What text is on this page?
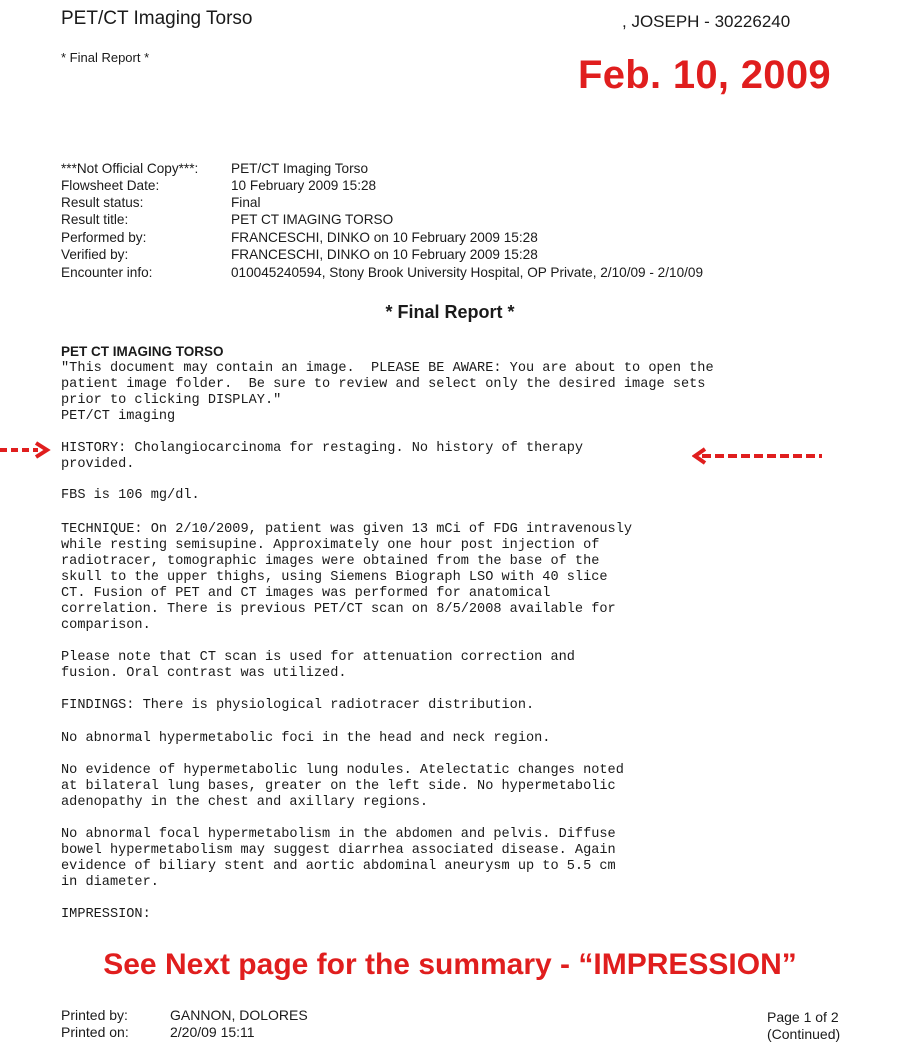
PET/CT Imaging Torso	, JOSEPH - 30226240
* Final Report *	Feb. 10, 2009
***Not Official Copy***: PET/CT Imaging Torso
Flowsheet Date:	10 February 2009 15:28
Result status:	Final
Result title:	PET CT IMAGING TORSO
Performed by:	FRANCESCHI, DINKO on 10 February 2009 15:28
Verified by:	FRANCESCHI, DINKO on 10 February 2009 15:28
Encounter info:	010045240594, Stony Brook University Hospital, OP Private, 2/10/09 - 2/10/09
* Final Report *
PET CT IMAGING TORSO
"This document may contain an image.  PLEASE BE AWARE: You are about to open the
patient image folder.  Be sure to review and select only the desired image sets
prior to clicking DISPLAY."
PET/CT imaging
HISTORY: Cholangiocarcinoma for restaging. No history of therapy
provided.
FBS is 106 mg/dl.
TECHNIQUE: On 2/10/2009, patient was given 13 mCi of FDG intravenously
while resting semisupine. Approximately one hour post injection of
radiotracer, tomographic images were obtained from the base of the
skull to the upper thighs, using Siemens Biograph LSO with 40 slice
CT. Fusion of PET and CT images was performed for anatomical
correlation. There is previous PET/CT scan on 8/5/2008 available for
comparison.
Please note that CT scan is used for attenuation correction and
fusion. Oral contrast was utilized.
FINDINGS: There is physiological radiotracer distribution.
No abnormal hypermetabolic foci in the head and neck region.
No evidence of hypermetabolic lung nodules. Atelectatic changes noted
at bilateral lung bases, greater on the left side. No hypermetabolic
adenopathy in the chest and axillary regions.
No abnormal focal hypermetabolism in the abdomen and pelvis. Diffuse
bowel hypermetabolism may suggest diarrhea associated disease. Again
evidence of biliary stent and aortic abdominal aneurysm up to 5.5 cm
in diameter.
IMPRESSION:
See Next page for the summary - “IMPRESSION”
Printed by:	GANNON, DOLORES
Printed on:	2/20/09 15:11
Page 1 of 2
(Continued)
